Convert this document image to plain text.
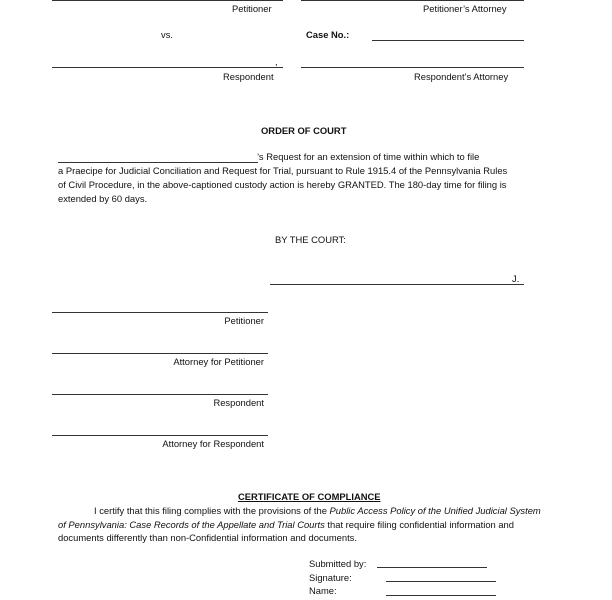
Petitioner	Petitioner’s Attorney
vs.	Case No.:
,
Respondent	Respondent’s Attorney
ORDER OF COURT
’s Request for an extension of time within which to file
a Praecipe for Judicial Conciliation and Request for Trial, pursuant to Rule 1915.4 of the Pennsylvania Rules
of Civil Procedure, in the above-captioned custody action is hereby GRANTED. The 180-day time for filing is
extended by 60 days.
BY THE COURT:
J.
Petitioner
Attorney for Petitioner
Respondent
Attorney for Respondent
CERTIFICATE OF COMPLIANCE
I certify that this filing complies with the provisions of the Public Access Policy of the Unified Judicial System of Pennsylvania: Case Records of the Appellate and Trial Courts that require filing confidential information and documents differently than non-Confidential information and documents.
Submitted by:
Signature:
Name:
